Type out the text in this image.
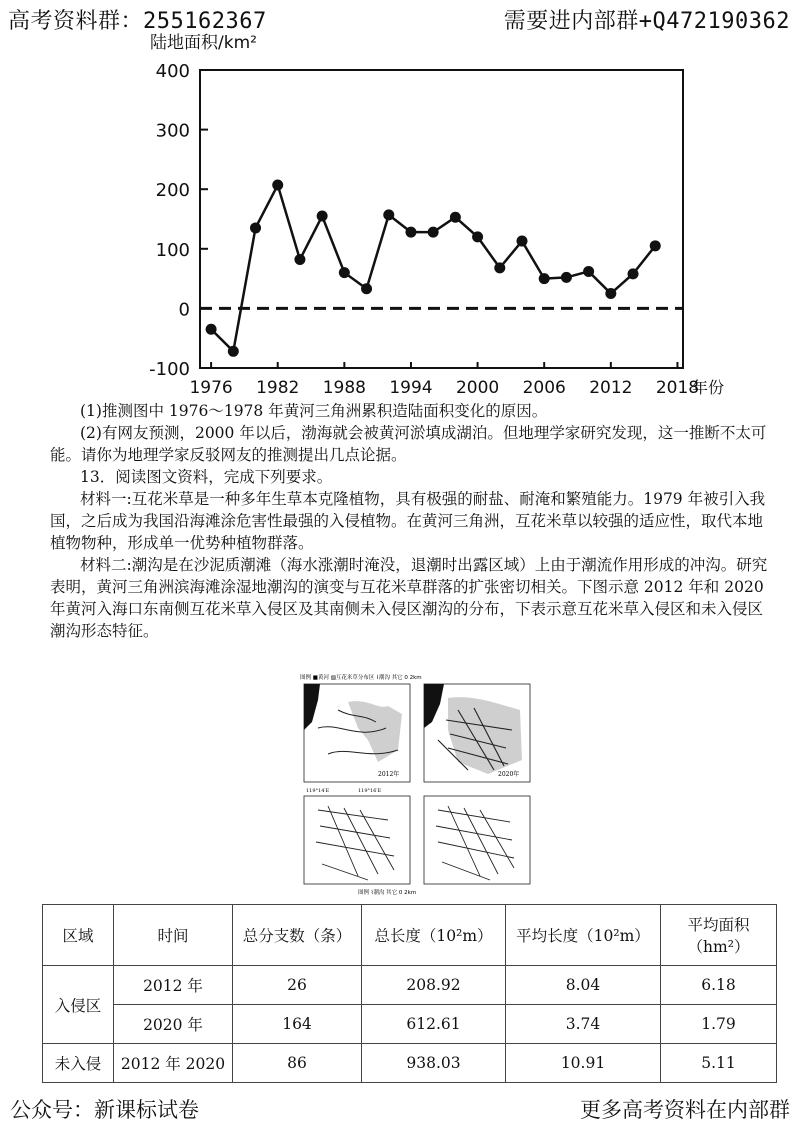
高考资料群：255162367	需要进内部群+Q472190362
陆地面积/km²
年份
-100
0
100
200
300
400
1976 1982 1988 1994 2000 2006 2012 2018
(1)推测图中 1976～1978 年黄河三角洲累积造陆面积变化的原因。
(2)有网友预测，2000 年以后，渤海就会被黄河淤填成湖泊。但地理学家研究发现，这一推断不太可能。请你为地理学家反驳网友的推测提出几点论据。
13．阅读图文资料，完成下列要求。
材料一:互花米草是一种多年生草本克隆植物，具有极强的耐盐、耐淹和繁殖能力。1979 年被引入我国，之后成为我国沿海滩涂危害性最强的入侵植物。在黄河三角洲，互花米草以较强的适应性，取代本地植物物种，形成单一优势种植物群落。
材料二:潮沟是在沙泥质潮滩（海水涨潮时淹没，退潮时出露区域）上由于潮流作用形成的冲沟。研究表明，黄河三角洲滨海滩涂湿地潮沟的演变与互花米草群落的扩张密切相关。下图示意 2012 年和 2020 年黄河入海口东南侧互花米草入侵区及其南侧未入侵区潮沟的分布，下表示意互花米草入侵区和未入侵区潮沟形态特征。
图例 ■黄河 ▨互花米草分布区 ⌇潮沟 其它 0 2km
2012年	2020年
119°14′E	119°16′E
图例 ⌇潮沟 其它 0 2km
区域	时间	总分支数（条）	总长度（10²m）	平均长度（10²m）	平均面积（hm²）
入侵区	2012 年	26	208.92	8.04	6.18
	2020 年	164	612.61	3.74	1.79
未入侵	2012 年 2020	86	938.03	10.91	5.11
公众号：新课标试卷	更多高考资料在内部群
